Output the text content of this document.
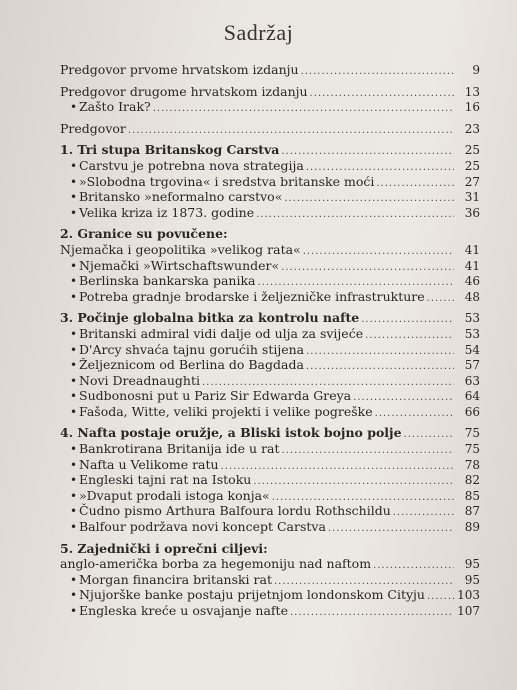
Sadržaj
Predgovor prvome hrvatskom izdanju .....	9
Predgovor drugome hrvatskom izdanju .....	13
• Zašto Irak? .....	16
Predgovor .....	23
1. Tri stupa Britanskog Carstva .....	25
• Carstvu je potrebna nova strategija .....	25
• »Slobodna trgovina« i sredstva britanske moći .....	27
• Britansko »neformalno carstvo« .....	31
• Velika kriza iz 1873. godine .....	36
2. Granice su povučene:
Njemačka i geopolitika »velikog rata« .....	41
• Njemački »Wirtschaftswunder« .....	41
• Berlinska bankarska panika .....	46
• Potreba gradnje brodarske i željezničke infrastrukture .....	48
3. Počinje globalna bitka za kontrolu nafte .....	53
• Britanski admiral vidi dalje od ulja za svijeće .....	53
• D'Arcy shvaća tajnu gorućih stijena .....	54
• Željeznicom od Berlina do Bagdada .....	57
• Novi Dreadnaughti .....	63
• Sudbonosni put u Pariz Sir Edwarda Greya .....	64
• Fašoda, Witte, veliki projekti i velike pogreške .....	66
4. Nafta postaje oružje, a Bliski istok bojno polje .....	75
• Bankrotirana Britanija ide u rat .....	75
• Nafta u Velikome ratu .....	78
• Engleski tajni rat na Istoku .....	82
• »Dvaput prodali istoga konja« .....	85
• Čudno pismo Arthura Balfoura lordu Rothschildu .....	87
• Balfour podržava novi koncept Carstva .....	89
5. Zajednički i oprečni ciljevi:
anglo-američka borba za hegemoniju nad naftom .....	95
• Morgan financira britanski rat .....	95
• Njujorške banke postaju prijetnjom londonskom Cityju .....	103
• Engleska kreće u osvajanje nafte .....	107
